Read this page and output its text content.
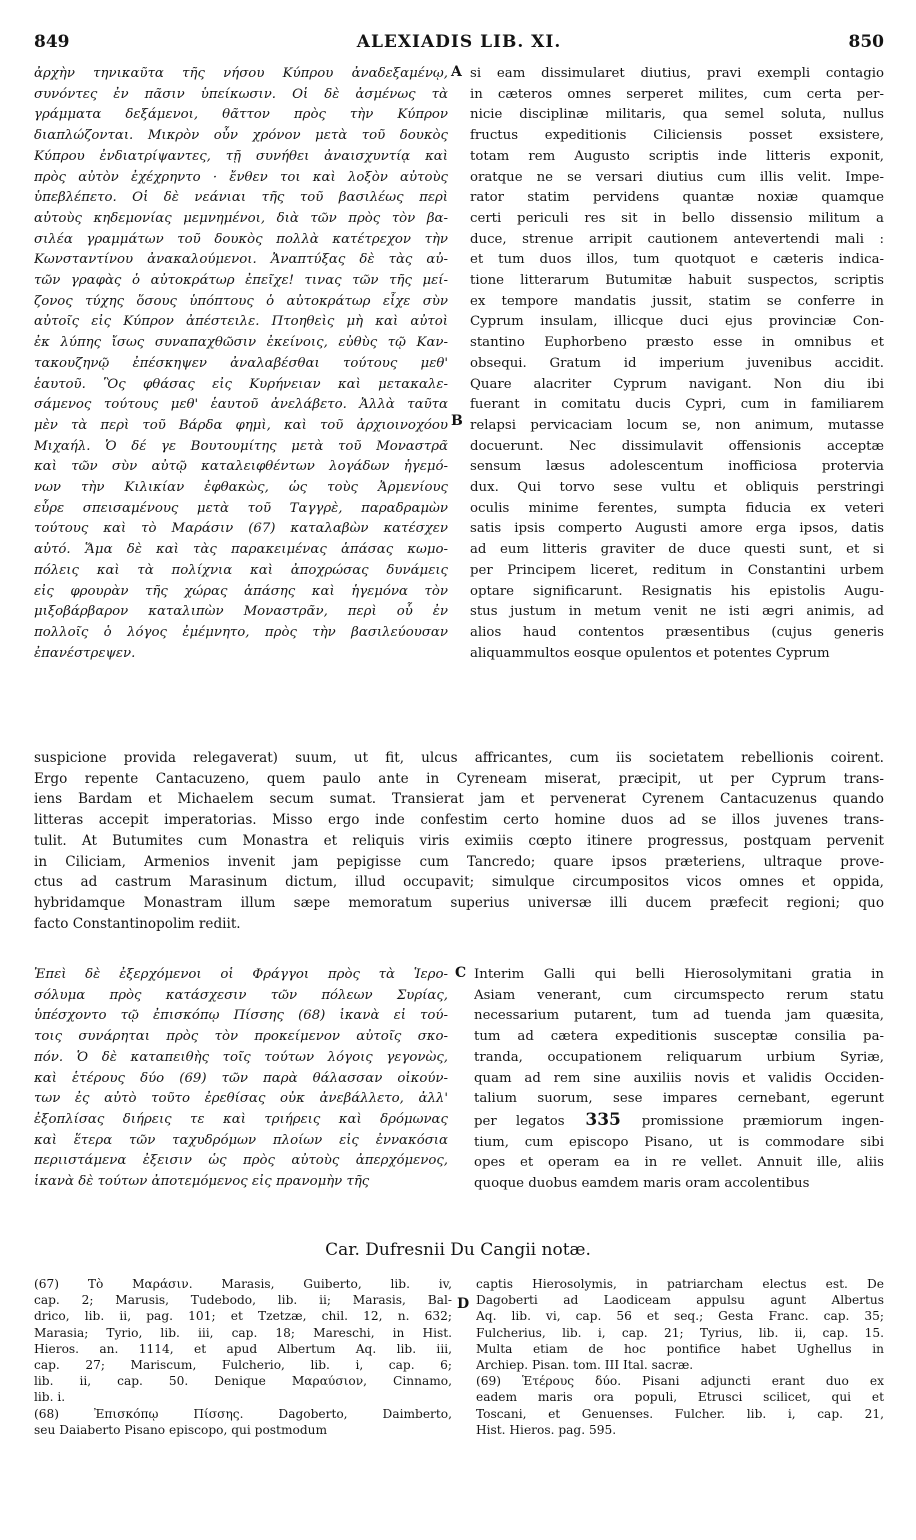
849	ALEXIADIS LIB. XI.	850
A
B
C
D
ἀρχὴν τηνικαῦτα τῆς νήσου Κύπρου ἀναδεξαμένῳ,
συνόντες ἐν πᾶσιν ὑπείκωσιν. Οἱ δὲ ἀσμένως τὰ
γράμματα δεξάμενοι, θᾶττον πρὸς τὴν Κύπρον
διαπλώζονται. Μικρὸν οὖν χρόνον μετὰ τοῦ δουκὸς
Κύπρου ἐνδιατρίψαντες, τῇ συνήθει ἀναισχυντίᾳ καὶ
πρὸς αὐτὸν ἐχέχρηντο · ἔνθεν τοι καὶ λοξὸν αὐτοὺς
ὑπεβλέπετο. Οἱ δὲ νεάνιαι τῆς τοῦ βασιλέως περὶ
αὐτοὺς κηδεμονίας μεμνημένοι, διὰ τῶν πρὸς τὸν βα-
σιλέα γραμμάτων τοῦ δουκὸς πολλὰ κατέτρεχον τὴν
Κωνσταντίνου ἀνακαλούμενοι. Ἀναπτύξας δὲ τὰς αὐ-
τῶν γραφὰς ὁ αὐτοκράτωρ ἐπεῖχε! τινας τῶν τῆς μεί-
ζονος τύχης ὅσους ὑπόπτους ὁ αὐτοκράτωρ εἶχε σὺν
αὐτοῖς εἰς Κύπρον ἀπέστειλε. Πτοηθεὶς μὴ καὶ αὐτοὶ
ἐκ λύπης ἴσως συναπαχθῶσιν ἐκείνοις, εὐθὺς τῷ Καν-
τακουζηνῷ ἐπέσκηψεν ἀναλαβέσθαι τούτους μεθ'
ἑαυτοῦ. Ὃς φθάσας εἰς Κυρήνειαν καὶ μετακαλε-
σάμενος τούτους μεθ' ἑαυτοῦ ἀνελάβετο. Ἀλλὰ ταῦτα
μὲν τὰ περὶ τοῦ Βάρδα φημὶ, καὶ τοῦ ἀρχιοινοχόου
Μιχαήλ. Ὁ δέ γε Βουτουμίτης μετὰ τοῦ Μοναστρᾶ
καὶ τῶν σὺν αὐτῷ καταλειφθέντων λογάδων ἡγεμό-
νων τὴν Κιλικίαν ἐφθακὼς, ὡς τοὺς Ἀρμενίους
εὗρε σπεισαμένους μετὰ τοῦ Ταγγρὲ, παραδραμὼν
τούτους καὶ τὸ Μαράσιν (67) καταλαβὼν κατέσχεν
αὐτό. Ἅμα δὲ καὶ τὰς παρακειμένας ἁπάσας κωμο-
πόλεις καὶ τὰ πολίχνια καὶ ἀποχρώσας δυνάμεις
εἰς φρουρὰν τῆς χώρας ἁπάσης καὶ ἡγεμόνα τὸν
μιξοβάρβαρον καταλιπὼν Μοναστρᾶν, περὶ οὗ ἐν
πολλοῖς ὁ λόγος ἐμέμνητο, πρὸς τὴν βασιλεύουσαν
ἐπανέστρεψεν.
si eam dissimularet diutius, pravi exempli contagio
in cæteros omnes serperet milites, cum certa per-
nicie disciplinæ militaris, qua semel soluta, nullus
fructus expeditionis Ciliciensis posset exsistere,
totam rem Augusto scriptis inde litteris exponit,
oratque ne se versari diutius cum illis velit. Impe-
rator statim pervidens quantæ noxiæ quamque
certi periculi res sit in bello dissensio militum a
duce, strenue arripit cautionem antevertendi mali :
et tum duos illos, tum quotquot e cæteris indica-
tione litterarum Butumitæ habuit suspectos, scriptis
ex tempore mandatis jussit, statim se conferre in
Cyprum insulam, illicque duci ejus provinciæ Con-
stantino Euphorbeno præsto esse in omnibus et
obsequi. Gratum id imperium juvenibus accidit.
Quare alacriter Cyprum navigant. Non diu ibi
fuerant in comitatu ducis Cypri, cum in familiarem
relapsi pervicaciam locum se, non animum, mutasse
docuerunt. Nec dissimulavit offensionis acceptæ
sensum læsus adolescentum inofficiosa protervia
dux. Qui torvo sese vultu et obliquis perstringi
oculis minime ferentes, sumpta fiducia ex veteri
satis ipsis comperto Augusti amore erga ipsos, datis
ad eum litteris graviter de duce questi sunt, et si
per Principem liceret, reditum in Constantini urbem
optare significarunt. Resignatis his epistolis Augu-
stus justum in metum venit ne isti ægri animis, ad
alios haud contentos præsentibus (cujus generis
aliquammultos eosque opulentos et potentes Cyprum
suspicione provida relegaverat) suum, ut fit, ulcus affricantes, cum iis societatem rebellionis coirent.
Ergo repente Cantacuzeno, quem paulo ante in Cyreneam miserat, præcipit, ut per Cyprum trans-
iens Bardam et Michaelem secum sumat. Transierat jam et pervenerat Cyrenem Cantacuzenus quando
litteras accepit imperatorias. Misso ergo inde confestim certo homine duos ad se illos juvenes trans-
tulit. At Butumites cum Monastra et reliquis viris eximiis cœpto itinere progressus, postquam pervenit
in Ciliciam, Armenios invenit jam pepigisse cum Tancredo; quare ipsos præteriens, ultraque prove-
ctus ad castrum Marasinum dictum, illud occupavit; simulque circumpositos vicos omnes et oppida,
hybridamque Monastram illum sæpe memoratum superius universæ illi ducem præfecit regioni; quo
facto Constantinopolim rediit.
Ἐπεὶ δὲ ἐξερχόμενοι οἱ Φράγγοι πρὸς τὰ Ἱερο-
σόλυμα πρὸς κατάσχεσιν τῶν πόλεων Συρίας,
ὑπέσχοντο τῷ ἐπισκόπῳ Πίσσης (68) ἱκανὰ εἰ τού-
τοις συνάρηται πρὸς τὸν προκείμενον αὐτοῖς σκο-
πόν. Ὁ δὲ καταπειθὴς τοῖς τούτων λόγοις γεγονὼς,
καὶ ἑτέρους δύο (69) τῶν παρὰ θάλασσαν οἰκούν-
των ἐς αὐτὸ τοῦτο ἐρεθίσας οὐκ ἀνεβάλλετο, ἀλλ'
ἐξοπλίσας διήρεις τε καὶ τριήρεις καὶ δρόμωνας
καὶ ἕτερα τῶν ταχυδρόμων πλοίων εἰς ἐννακόσια
περιιστάμενα ἐξεισιν ὡς πρὸς αὐτοὺς ἀπερχόμενος,
ἱκανὰ δὲ τούτων ἀποτεμόμενος εἰς πρανομὴν τῆς
Interim Galli qui belli Hierosolymitani gratia in
Asiam venerant, cum circumspecto rerum statu
necessarium putarent, tum ad tuenda jam quæsita,
tum ad cætera expeditionis susceptæ consilia pa-
tranda, occupationem reliquarum urbium Syriæ,
quam ad rem sine auxiliis novis et validis Occiden-
talium suorum, sese impares cernebant, egerunt
per legatos 335 promissione præmiorum ingen-
tium, cum episcopo Pisano, ut is commodare sibi
opes et operam ea in re vellet. Annuit ille, aliis
quoque duobus eamdem maris oram accolentibus
Car. Dufresnii Du Cangii notæ.
(67) Τὸ Μαράσιν. Marasis, Guiberto, lib. iv,
cap. 2; Marusis, Tudebodo, lib. ii; Marasis, Bal-
drico, lib. ii, pag. 101; et Tzetzæ, chil. 12, n. 632;
Marasia; Tyrio, lib. iii, cap. 18; Mareschi, in Hist.
Hieros. an. 1114, et apud Albertum Aq. lib. iii,
cap. 27; Mariscum, Fulcherio, lib. i, cap. 6;
lib. ii, cap. 50. Denique Μαραύσιον, Cinnamo,
lib. i.
(68) Ἐπισκόπῳ Πίσσης. Dagoberto, Daimberto,
seu Daiaberto Pisano episcopo, qui postmodum
captis Hierosolymis, in patriarcham electus est. De
Dagoberti ad Laodiceam appulsu agunt Albertus
Aq. lib. vi, cap. 56 et seq.; Gesta Franc. cap. 35;
Fulcherius, lib. i, cap. 21; Tyrius, lib. ii, cap. 15.
Multa etiam de hoc pontifice habet Ughellus in
Archiep. Pisan. tom. III Ital. sacræ.
(69) Ἑτέρους δύο. Pisani adjuncti erant duo ex
eadem maris ora populi, Etrusci scilicet, qui et
Toscani, et Genuenses. Fulcher. lib. i, cap. 21,
Hist. Hieros. pag. 595.
